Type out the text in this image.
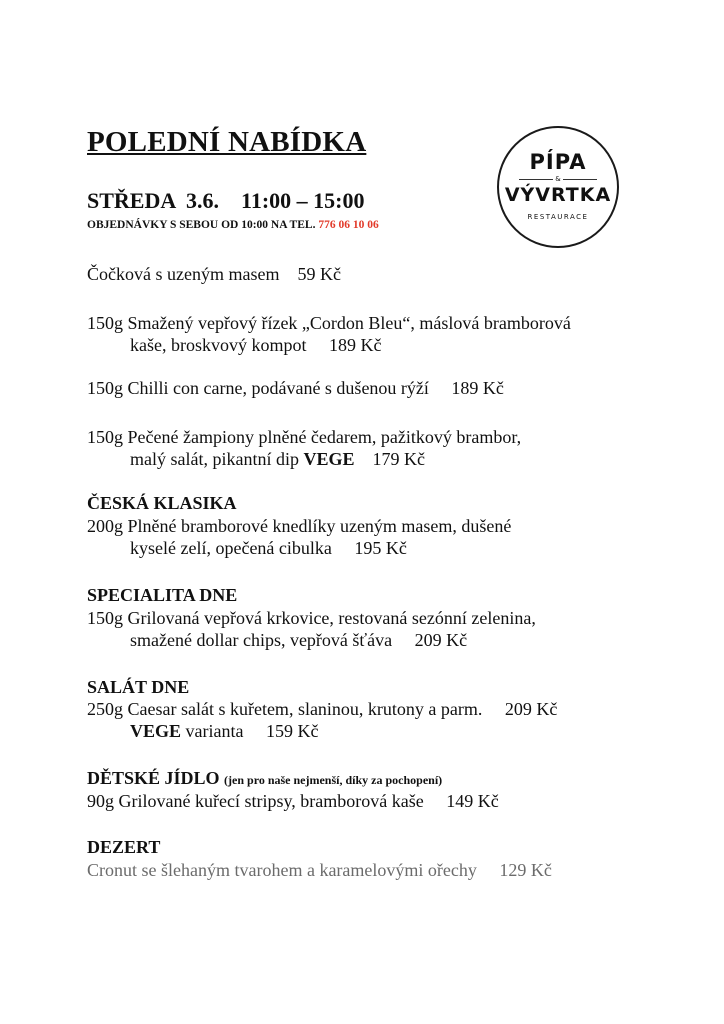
POLEDNÍ NABÍDKA
PÍPA
&
VÝVRTKA
RESTAURACE
STŘEDA  3.6.    11:00 – 15:00
OBJEDNÁVKY S SEBOU OD 10:00 NA TEL. 776 06 10 06
Čočková s uzeným masem    59 Kč
150g Smažený vepřový řízek „Cordon Bleu“, máslová bramborová
kaše, broskvový kompot     189 Kč
150g Chilli con carne, podávané s dušenou rýží     189 Kč
150g Pečené žampiony plněné čedarem, pažitkový brambor,
malý salát, pikantní dip VEGE    179 Kč
ČESKÁ KLASIKA
200g Plněné bramborové knedlíky uzeným masem, dušené
kyselé zelí, opečená cibulka     195 Kč
SPECIALITA DNE
150g Grilovaná vepřová krkovice, restovaná sezónní zelenina,
smažené dollar chips, vepřová šťáva     209 Kč
SALÁT DNE
250g Caesar salát s kuřetem, slaninou, krutony a parm.     209 Kč
VEGE varianta     159 Kč
DĚTSKÉ JÍDLO (jen pro naše nejmenší, díky za pochopení)
90g Grilované kuřecí stripsy, bramborová kaše     149 Kč
DEZERT
Cronut se šlehaným tvarohem a karamelovými ořechy     129 Kč
